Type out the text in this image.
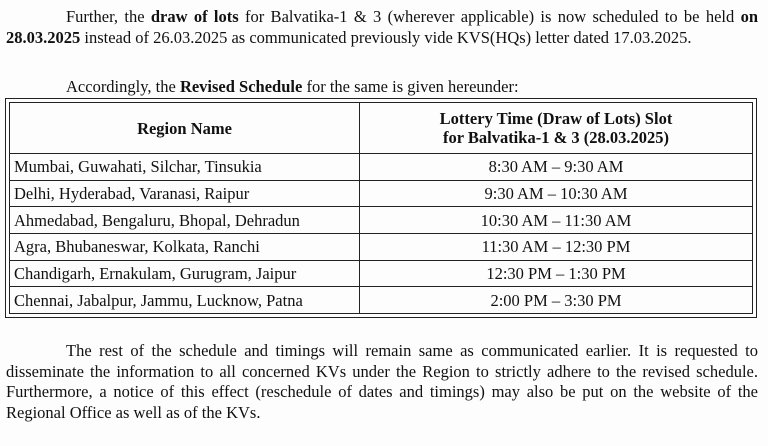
Further, the draw of lots for Balvatika-1 & 3 (wherever applicable) is now scheduled to be held on 28.03.2025 instead of 26.03.2025 as communicated previously vide KVS(HQs) letter dated 17.03.2025.

Accordingly, the Revised Schedule for the same is given hereunder:

Region Name	Lottery Time (Draw of Lots) Slot
for Balvatika-1 & 3 (28.03.2025)
Mumbai, Guwahati, Silchar, Tinsukia	8:30 AM – 9:30 AM
Delhi, Hyderabad, Varanasi, Raipur	9:30 AM – 10:30 AM
Ahmedabad, Bengaluru, Bhopal, Dehradun	10:30 AM – 11:30 AM
Agra, Bhubaneswar, Kolkata, Ranchi	11:30 AM – 12:30 PM
Chandigarh, Ernakulam, Gurugram, Jaipur	12:30 PM – 1:30 PM
Chennai, Jabalpur, Jammu, Lucknow, Patna	2:00 PM – 3:30 PM

The rest of the schedule and timings will remain same as communicated earlier. It is requested to disseminate the information to all concerned KVs under the Region to strictly adhere to the revised schedule. Furthermore, a notice of this effect (reschedule of dates and timings) may also be put on the website of the Regional Office as well as of the KVs.
